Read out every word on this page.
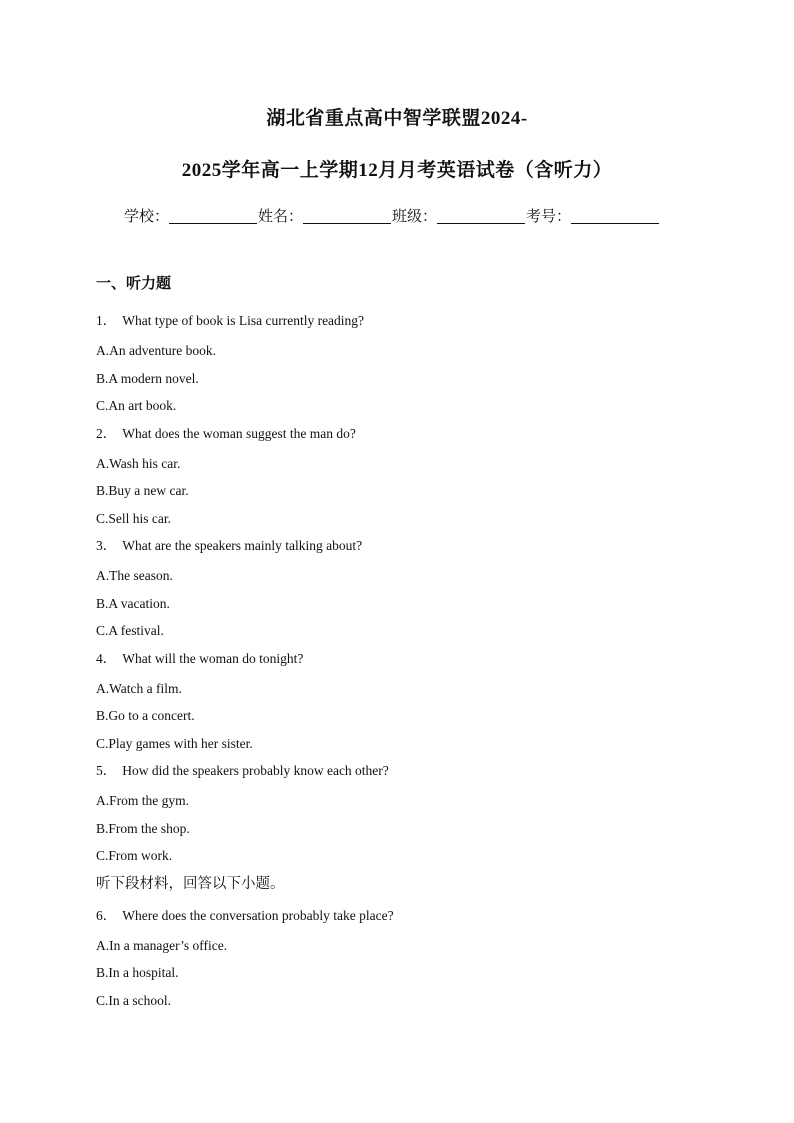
湖北省重点高中智学联盟2024-
2025学年高一上学期12月月考英语试卷（含听力）
学校：	姓名：	班级：	考号：
一、听力题
1． What type of book is Lisa currently reading?
A.An adventure book.
B.A modern novel.
C.An art book.
2． What does the woman suggest the man do?
A.Wash his car.
B.Buy a new car.
C.Sell his car.
3． What are the speakers mainly talking about?
A.The season.
B.A vacation.
C.A festival.
4． What will the woman do tonight?
A.Watch a film.
B.Go to a concert.
C.Play games with her sister.
5． How did the speakers probably know each other?
A.From the gym.
B.From the shop.
C.From work.
听下段材料，回答以下小题。
6． Where does the conversation probably take place?
A.In a manager’s office.
B.In a hospital.
C.In a school.
